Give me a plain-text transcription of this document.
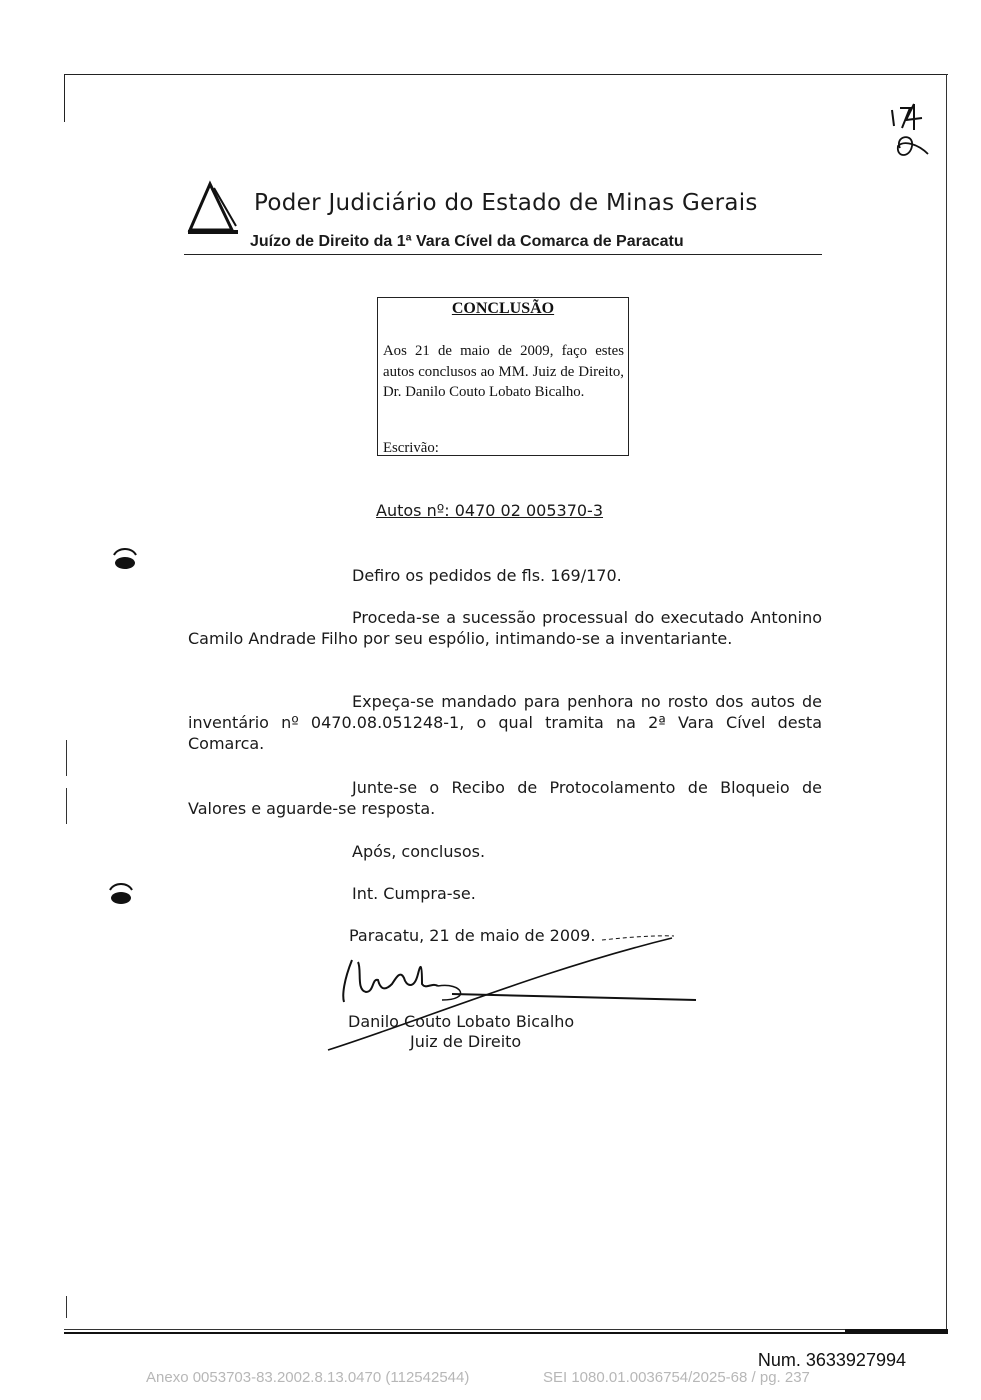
Poder Judiciário do Estado de Minas Gerais
Juízo de Direito da 1ª Vara Cível da Comarca de Paracatu
CONCLUSÃO
Aos 21 de maio de 2009, faço estes autos conclusos ao MM. Juiz de Direito, Dr. Danilo Couto Lobato Bicalho.
Escrivão:
Autos nº: 0470 02 005370-3
Defiro os pedidos de fls. 169/170.
Proceda-se a sucessão processual do executado Antonino Camilo Andrade Filho por seu espólio, intimando-se a inventariante.
Expeça-se mandado para penhora no rosto dos autos de inventário nº 0470.08.051248-1, o qual tramita na 2ª Vara Cível desta Comarca.
Junte-se o Recibo de Protocolamento de Bloqueio de Valores e aguarde-se resposta.
Após, conclusos.
Int. Cumpra-se.
Paracatu, 21 de maio de 2009.
Danilo Couto Lobato Bicalho
Juiz de Direito
Num. 3633927994
Anexo 0053703-83.2002.8.13.0470 (112542544)	SEI 1080.01.0036754/2025-68 / pg. 237
